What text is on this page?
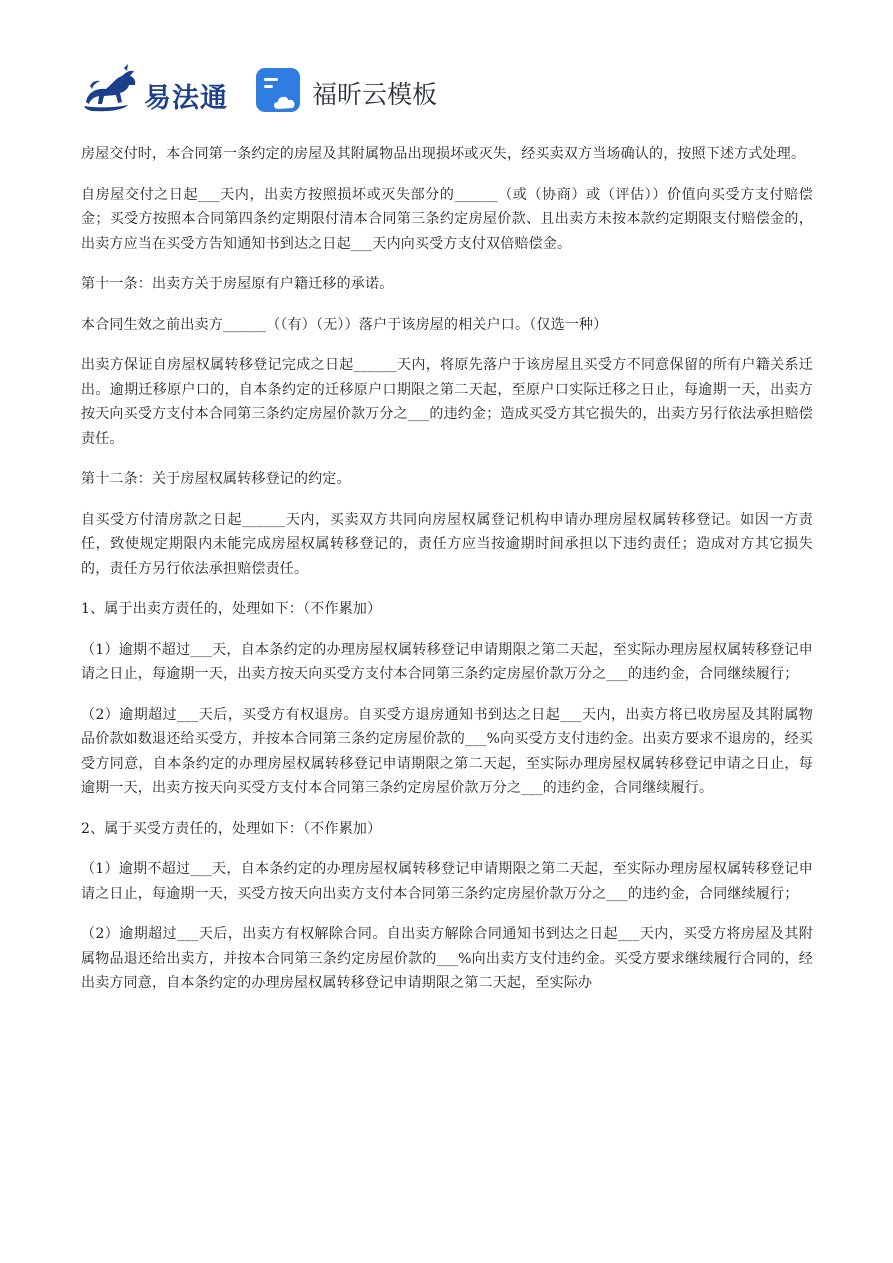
易法通	福昕云模板

房屋交付时，本合同第一条约定的房屋及其附属物品出现损坏或灭失，经买卖双方当场确认的，按照下述方式处理。

自房屋交付之日起___天内，出卖方按照损坏或灭失部分的______（或（协商）或（评估））价值向买受方支付赔偿金；买受方按照本合同第四条约定期限付清本合同第三条约定房屋价款、且出卖方未按本款约定期限支付赔偿金的，出卖方应当在买受方告知通知书到达之日起___天内向买受方支付双倍赔偿金。

第十一条：出卖方关于房屋原有户籍迁移的承诺。

本合同生效之前出卖方______（（有）（无））落户于该房屋的相关户口。（仅选一种）

出卖方保证自房屋权属转移登记完成之日起______天内，将原先落户于该房屋且买受方不同意保留的所有户籍关系迁出。逾期迁移原户口的，自本条约定的迁移原户口期限之第二天起，至原户口实际迁移之日止，每逾期一天，出卖方按天向买受方支付本合同第三条约定房屋价款万分之___的违约金；造成买受方其它损失的，出卖方另行依法承担赔偿责任。

第十二条：关于房屋权属转移登记的约定。

自买受方付清房款之日起______天内，买卖双方共同向房屋权属登记机构申请办理房屋权属转移登记。如因一方责任，致使规定期限内未能完成房屋权属转移登记的，责任方应当按逾期时间承担以下违约责任；造成对方其它损失的，责任方另行依法承担赔偿责任。

1、属于出卖方责任的，处理如下：（不作累加）

（1）逾期不超过___天，自本条约定的办理房屋权属转移登记申请期限之第二天起，至实际办理房屋权属转移登记申请之日止，每逾期一天，出卖方按天向买受方支付本合同第三条约定房屋价款万分之___的违约金，合同继续履行；

（2）逾期超过___天后，买受方有权退房。自买受方退房通知书到达之日起___天内，出卖方将已收房屋及其附属物品价款如数退还给买受方，并按本合同第三条约定房屋价款的___%向买受方支付违约金。出卖方要求不退房的，经买受方同意，自本条约定的办理房屋权属转移登记申请期限之第二天起，至实际办理房屋权属转移登记申请之日止，每逾期一天，出卖方按天向买受方支付本合同第三条约定房屋价款万分之___的违约金，合同继续履行。

2、属于买受方责任的，处理如下：（不作累加）

（1）逾期不超过___天，自本条约定的办理房屋权属转移登记申请期限之第二天起，至实际办理房屋权属转移登记申请之日止，每逾期一天，买受方按天向出卖方支付本合同第三条约定房屋价款万分之___的违约金，合同继续履行；

（2）逾期超过___天后，出卖方有权解除合同。自出卖方解除合同通知书到达之日起___天内，买受方将房屋及其附属物品退还给出卖方，并按本合同第三条约定房屋价款的___%向出卖方支付违约金。买受方要求继续履行合同的，经出卖方同意，自本条约定的办理房屋权属转移登记申请期限之第二天起，至实际办
